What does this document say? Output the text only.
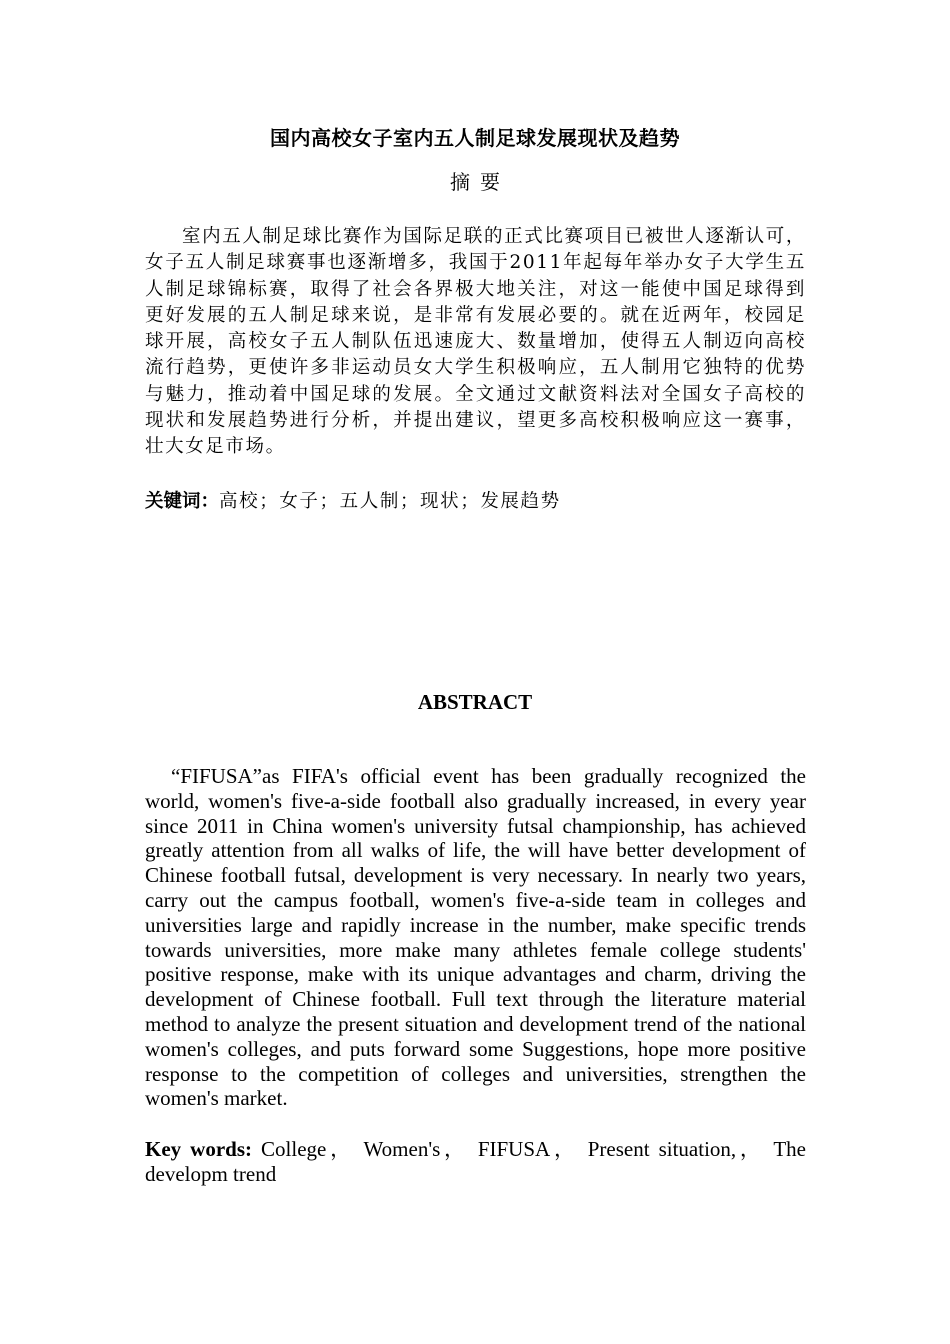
国内高校女子室内五人制足球发展现状及趋势
摘要

室内五人制足球比赛作为国际足联的正式比赛项目已被世人逐渐认可，女子五人制足球赛事也逐渐增多，我国于2011年起每年举办女子大学生五人制足球锦标赛，取得了社会各界极大地关注，对这一能使中国足球得到更好发展的五人制足球来说，是非常有发展必要的。就在近两年，校园足球开展，高校女子五人制队伍迅速庞大、数量增加，使得五人制迈向高校流行趋势，更使许多非运动员女大学生积极响应，五人制用它独特的优势与魅力，推动着中国足球的发展。全文通过文献资料法对全国女子高校的现状和发展趋势进行分析，并提出建议，望更多高校积极响应这一赛事，壮大女足市场。

关键词：高校；女子；五人制；现状；发展趋势

ABSTRACT

“FIFUSA”as FIFA's official event has been gradually recognized the world, women's five-a-side football also gradually increased, in every year since 2011 in China women's university futsal championship, has achieved greatly attention from all walks of life, the will have better development of Chinese football futsal, development is very necessary. In nearly two years, carry out the campus football, women's five-a-side team in colleges and universities large and rapidly increase in the number, make specific trends towards universities, more make many athletes female college students' positive response, make with its unique advantages and charm, driving the development of Chinese football. Full text through the literature material method to analyze the present situation and development trend of the national women's colleges, and puts forward some Suggestions, hope more positive response to the competition of colleges and universities, strengthen the women's market.

Key words: College， Women's， FIFUSA， Present situation,， The developm trend
